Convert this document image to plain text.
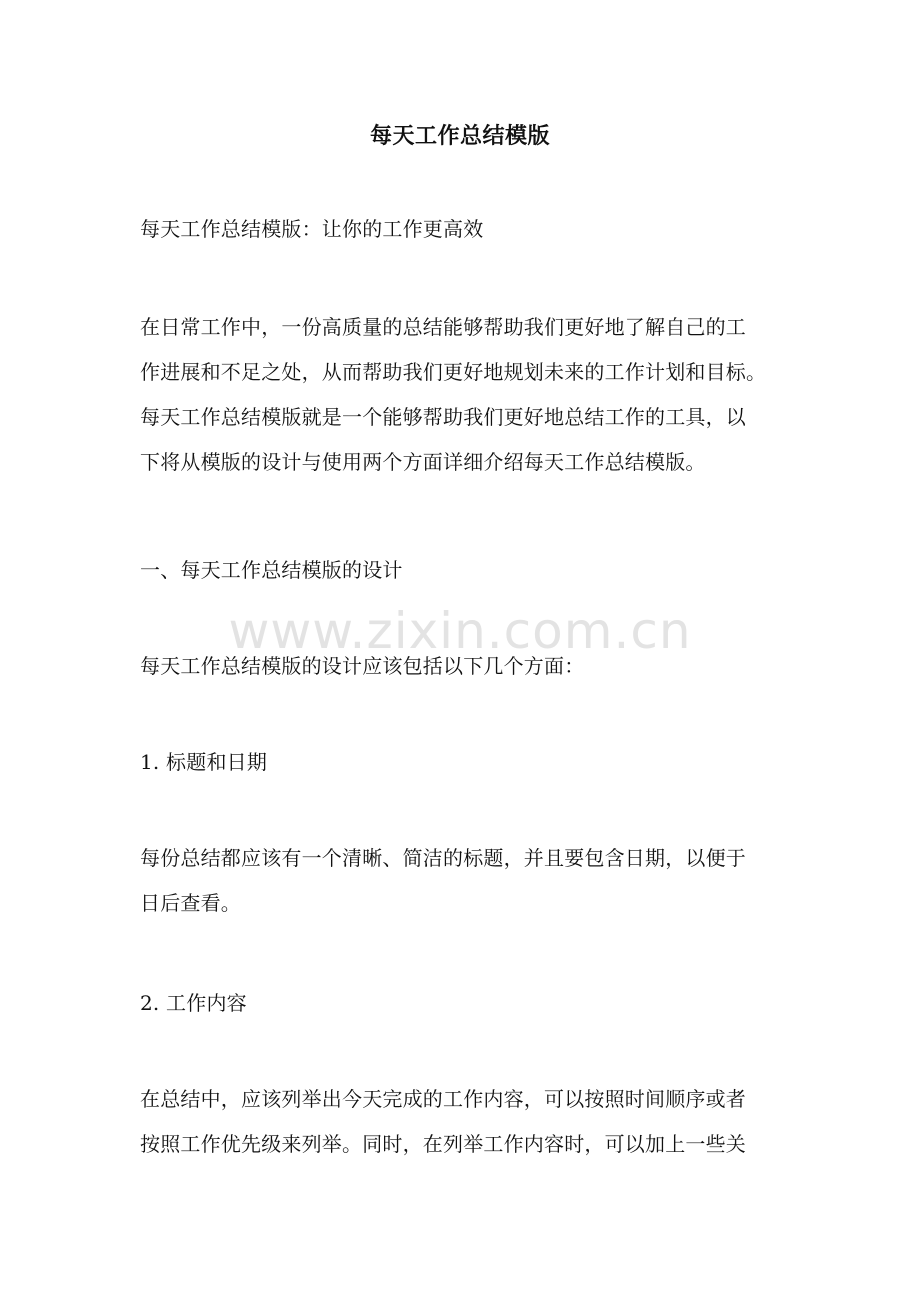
每天工作总结模版
每天工作总结模版：让你的工作更高效
在日常工作中，一份高质量的总结能够帮助我们更好地了解自己的工
作进展和不足之处，从而帮助我们更好地规划未来的工作计划和目标。
每天工作总结模版就是一个能够帮助我们更好地总结工作的工具，以
下将从模版的设计与使用两个方面详细介绍每天工作总结模版。
一、每天工作总结模版的设计
每天工作总结模版的设计应该包括以下几个方面：
1. 标题和日期
每份总结都应该有一个清晰、简洁的标题，并且要包含日期，以便于
日后查看。
2. 工作内容
在总结中，应该列举出今天完成的工作内容，可以按照时间顺序或者
按照工作优先级来列举。同时，在列举工作内容时，可以加上一些关
www.zixin.com.cn
